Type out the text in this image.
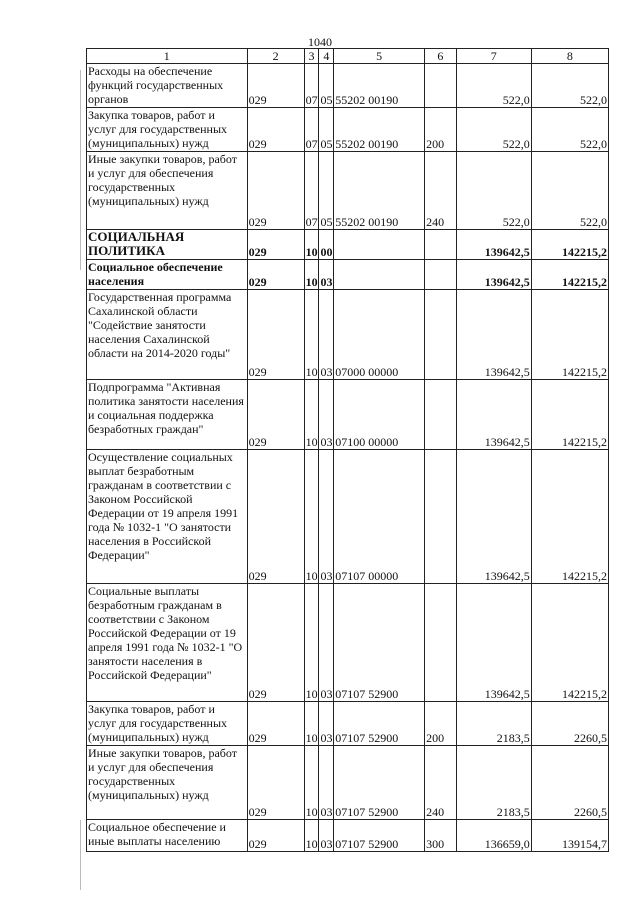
1040
1	2	3	4	5	6	7	8
Расходы на обеспечение функций государственных органов	029	07	05	55202 00190		522,0	522,0
Закупка товаров, работ и услуг для государственных (муниципальных) нужд	029	07	05	55202 00190	200	522,0	522,0
Иные закупки товаров, работ и услуг для обеспечения государственных (муниципальных) нужд	029	07	05	55202 00190	240	522,0	522,0
СОЦИАЛЬНАЯ ПОЛИТИКА	029	10	00			139642,5	142215,2
Социальное обеспечение населения	029	10	03			139642,5	142215,2
Государственная программа Сахалинской области "Содействие занятости населения Сахалинской области на 2014-2020 годы"	029	10	03	07000 00000		139642,5	142215,2
Подпрограмма "Активная политика занятости населения и социальная поддержка безработных граждан"	029	10	03	07100 00000		139642,5	142215,2
Осуществление социальных выплат безработным гражданам в соответствии с Законом Российской Федерации от 19 апреля 1991 года № 1032-1 "О занятости населения в Российской Федерации"	029	10	03	07107 00000		139642,5	142215,2
Социальные выплаты безработным гражданам в соответствии с Законом Российской Федерации от 19 апреля 1991 года № 1032-1 "О занятости населения в Российской Федерации"	029	10	03	07107 52900		139642,5	142215,2
Закупка товаров, работ и услуг для государственных (муниципальных) нужд	029	10	03	07107 52900	200	2183,5	2260,5
Иные закупки товаров, работ и услуг для обеспечения государственных (муниципальных) нужд	029	10	03	07107 52900	240	2183,5	2260,5
Социальное обеспечение и иные выплаты населению	029	10	03	07107 52900	300	136659,0	139154,7
